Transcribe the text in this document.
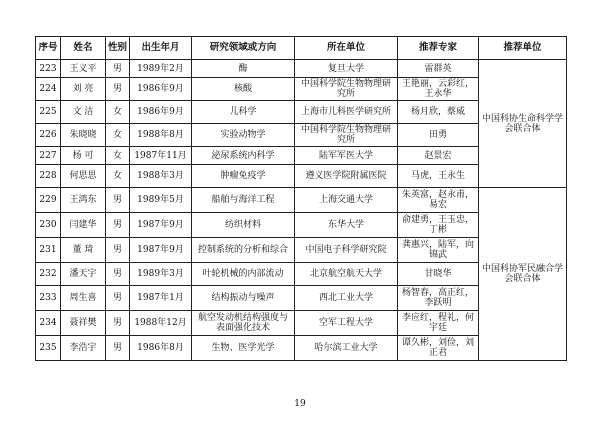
序号	姓名	性别	出生年月	研究领域或方向	所在单位	推荐专家	推荐单位
223	王义平	男	1989年2月	酶	复旦大学	雷群英	中国科协生命科学学会联合体
224	刘 亮	男	1986年9月	核酸	中国科学院生物物理研究所	王艳丽，云彩红，王永华	
225	文 洁	女	1986年9月	儿科学	上海市儿科医学研究所	杨月欣，蔡威	
226	朱晓晓	女	1988年8月	实验动物学	中国科学院生物物理研究所	田勇	
227	杨 可	女	1987年11月	泌尿系统内科学	陆军军医大学	赵景宏	
228	何思思	女	1988年3月	肿瘤免疫学	遵义医学院附属医院	马虎，王永生	
229	王鸿东	男	1989年5月	船舶与海洋工程	上海交通大学	朱英富，赵永甫，易宏	中国科协军民融合学会联合体
230	闫建华	男	1987年9月	纺织材料	东华大学	俞建勇，王玉忠，丁彬	
231	董 琦	男	1987年9月	控制系统的分析和综合	中国电子科学研究院	龚惠兴，陆军，向锦武	
232	潘天宇	男	1989年3月	叶轮机械的内部流动	北京航空航天大学	甘晓华	
233	周生喜	男	1987年1月	结构振动与噪声	西北工业大学	杨智春，高正红，李跃明	
234	聂祥樊	男	1988年12月	航空发动机结构强度与表面强化技术	空军工程大学	李应红，程礼，何宇廷	
235	李浩宇	男	1986年8月	生物、医学光学	哈尔滨工业大学	谭久彬，刘俭，刘正君	
19
